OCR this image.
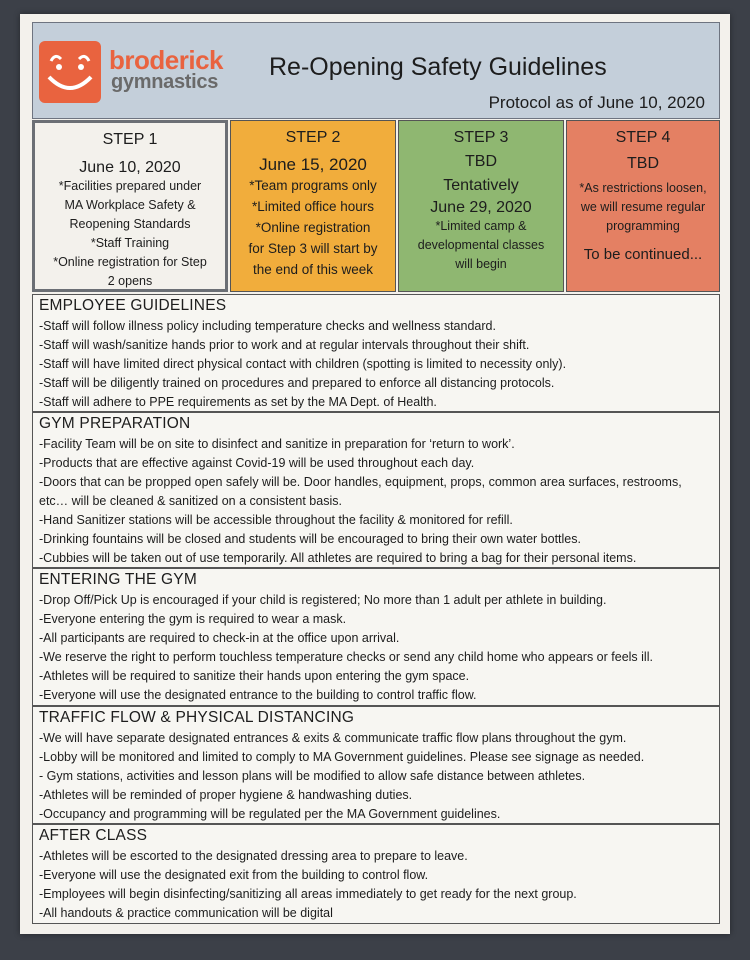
broderick
gymnastics
Re-Opening Safety Guidelines
Protocol as of June 10, 2020
STEP 1
June 10, 2020
*Facilities prepared under
MA Workplace Safety &
Reopening Standards
*Staff Training
*Online registration for Step
2 opens
STEP 2
June 15, 2020
*Team programs only
*Limited office hours
*Online registration
for Step 3 will start by
the end of this week
STEP 3
TBD
Tentatively
June 29, 2020
*Limited camp &
developmental classes
will begin
STEP 4
TBD
*As restrictions loosen,
we will resume regular
programming
To be continued...
EMPLOYEE GUIDELINES
-Staff will follow illness policy including temperature checks and wellness standard.
-Staff will wash/sanitize hands prior to work and at regular intervals throughout their shift.
-Staff will have limited direct physical contact with children (spotting is limited to necessity only).
-Staff will be diligently trained on procedures and prepared to enforce all distancing protocols.
-Staff will adhere to PPE requirements as set by the MA Dept. of Health.
GYM PREPARATION
-Facility Team will be on site to disinfect and sanitize in preparation for ‘return to work’.
-Products that are effective against Covid-19 will be used throughout each day.
-Doors that can be propped open safely will be. Door handles, equipment, props, common area surfaces, restrooms,
etc… will be cleaned & sanitized on a consistent basis.
-Hand Sanitizer stations will be accessible throughout the facility & monitored for refill.
-Drinking fountains will be closed and students will be encouraged to bring their own water bottles.
-Cubbies will be taken out of use temporarily. All athletes are required to bring a bag for their personal items.
ENTERING THE GYM
-Drop Off/Pick Up is encouraged if your child is registered; No more than 1 adult per athlete in building.
-Everyone entering the gym is required to wear a mask.
-All participants are required to check-in at the office upon arrival.
-We reserve the right to perform touchless temperature checks or send any child home who appears or feels ill.
-Athletes will be required to sanitize their hands upon entering the gym space.
-Everyone will use the designated entrance to the building to control traffic flow.
TRAFFIC FLOW & PHYSICAL DISTANCING
-We will have separate designated entrances & exits & communicate traffic flow plans throughout the gym.
-Lobby will be monitored and limited to comply to MA Government guidelines. Please see signage as needed.
- Gym stations, activities and lesson plans will be modified to allow safe distance between athletes.
-Athletes will be reminded of proper hygiene & handwashing duties.
-Occupancy and programming will be regulated per the MA Government guidelines.
AFTER CLASS
-Athletes will be escorted to the designated dressing area to prepare to leave.
-Everyone will use the designated exit from the building to control flow.
-Employees will begin disinfecting/sanitizing all areas immediately to get ready for the next group.
-All handouts & practice communication will be digital
